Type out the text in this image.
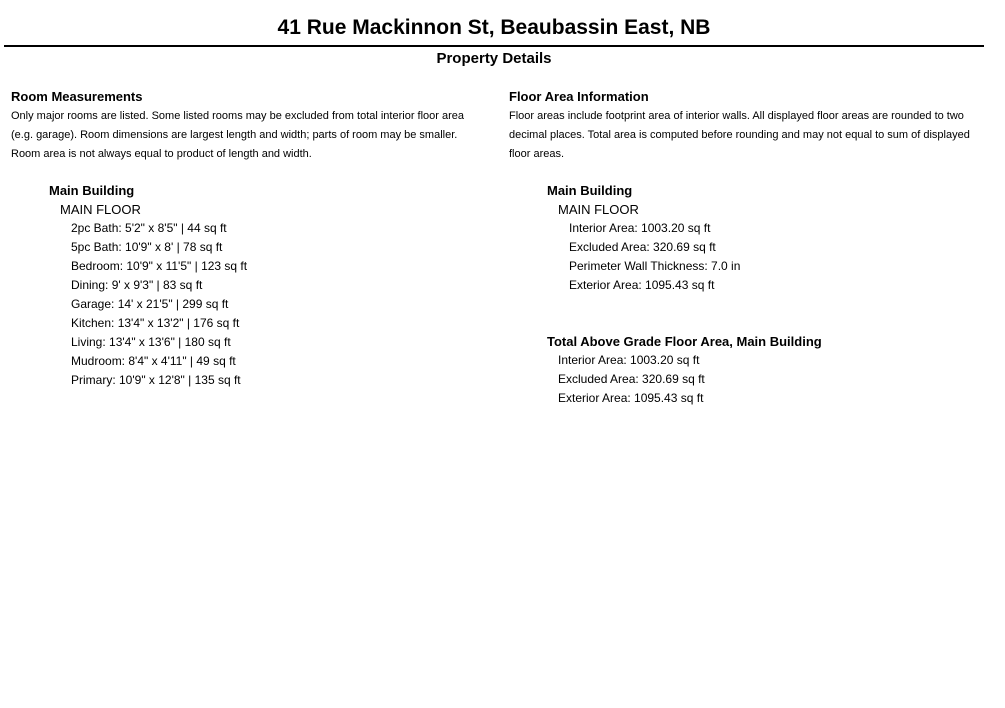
41 Rue Mackinnon St, Beaubassin East, NB
Property Details
Room Measurements

Only major rooms are listed. Some listed rooms may be excluded from total interior floor area

(e.g. garage). Room dimensions are largest length and width; parts of room may be smaller.

Room area is not always equal to product of length and width.

Main Building
MAIN FLOOR
2pc Bath: 5'2" x 8'5" | 44 sq ft
5pc Bath: 10'9" x 8' | 78 sq ft
Bedroom: 10'9" x 11'5" | 123 sq ft
Dining: 9' x 9'3" | 83 sq ft
Garage: 14' x 21'5" | 299 sq ft
Kitchen: 13'4" x 13'2" | 176 sq ft
Living: 13'4" x 13'6" | 180 sq ft
Mudroom: 8'4" x 4'11" | 49 sq ft
Primary: 10'9" x 12'8" | 135 sq ft
Floor Area Information

Floor areas include footprint area of interior walls. All displayed floor areas are rounded to two

decimal places. Total area is computed before rounding and may not equal to sum of displayed

floor areas.

Main Building
MAIN FLOOR
Interior Area: 1003.20 sq ft
Excluded Area: 320.69 sq ft
Perimeter Wall Thickness: 7.0 in
Exterior Area: 1095.43 sq ft
Total Above Grade Floor Area, Main Building
Interior Area: 1003.20 sq ft
Excluded Area: 320.69 sq ft
Exterior Area: 1095.43 sq ft
